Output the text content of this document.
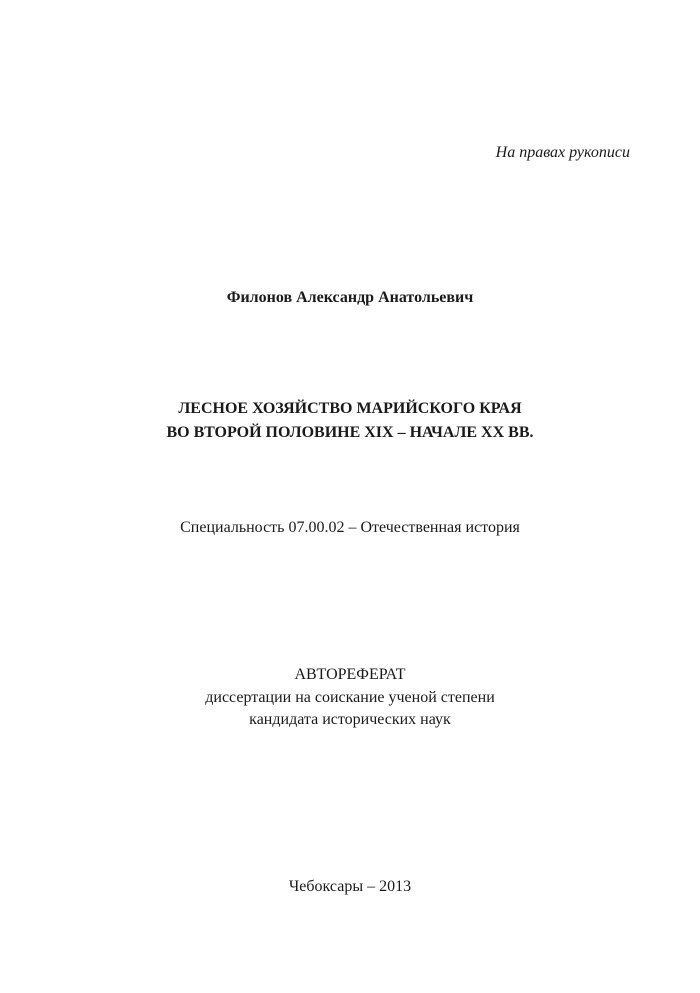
На правах рукописи
Филонов Александр Анатольевич
ЛЕСНОЕ ХОЗЯЙСТВО МАРИЙСКОГО КРАЯ
ВО ВТОРОЙ ПОЛОВИНЕ XIX – НАЧАЛЕ XX ВВ.
Специальность 07.00.02 – Отечественная история
АВТОРЕФЕРАТ
диссертации на соискание ученой степени
кандидата исторических наук
Чебоксары – 2013
